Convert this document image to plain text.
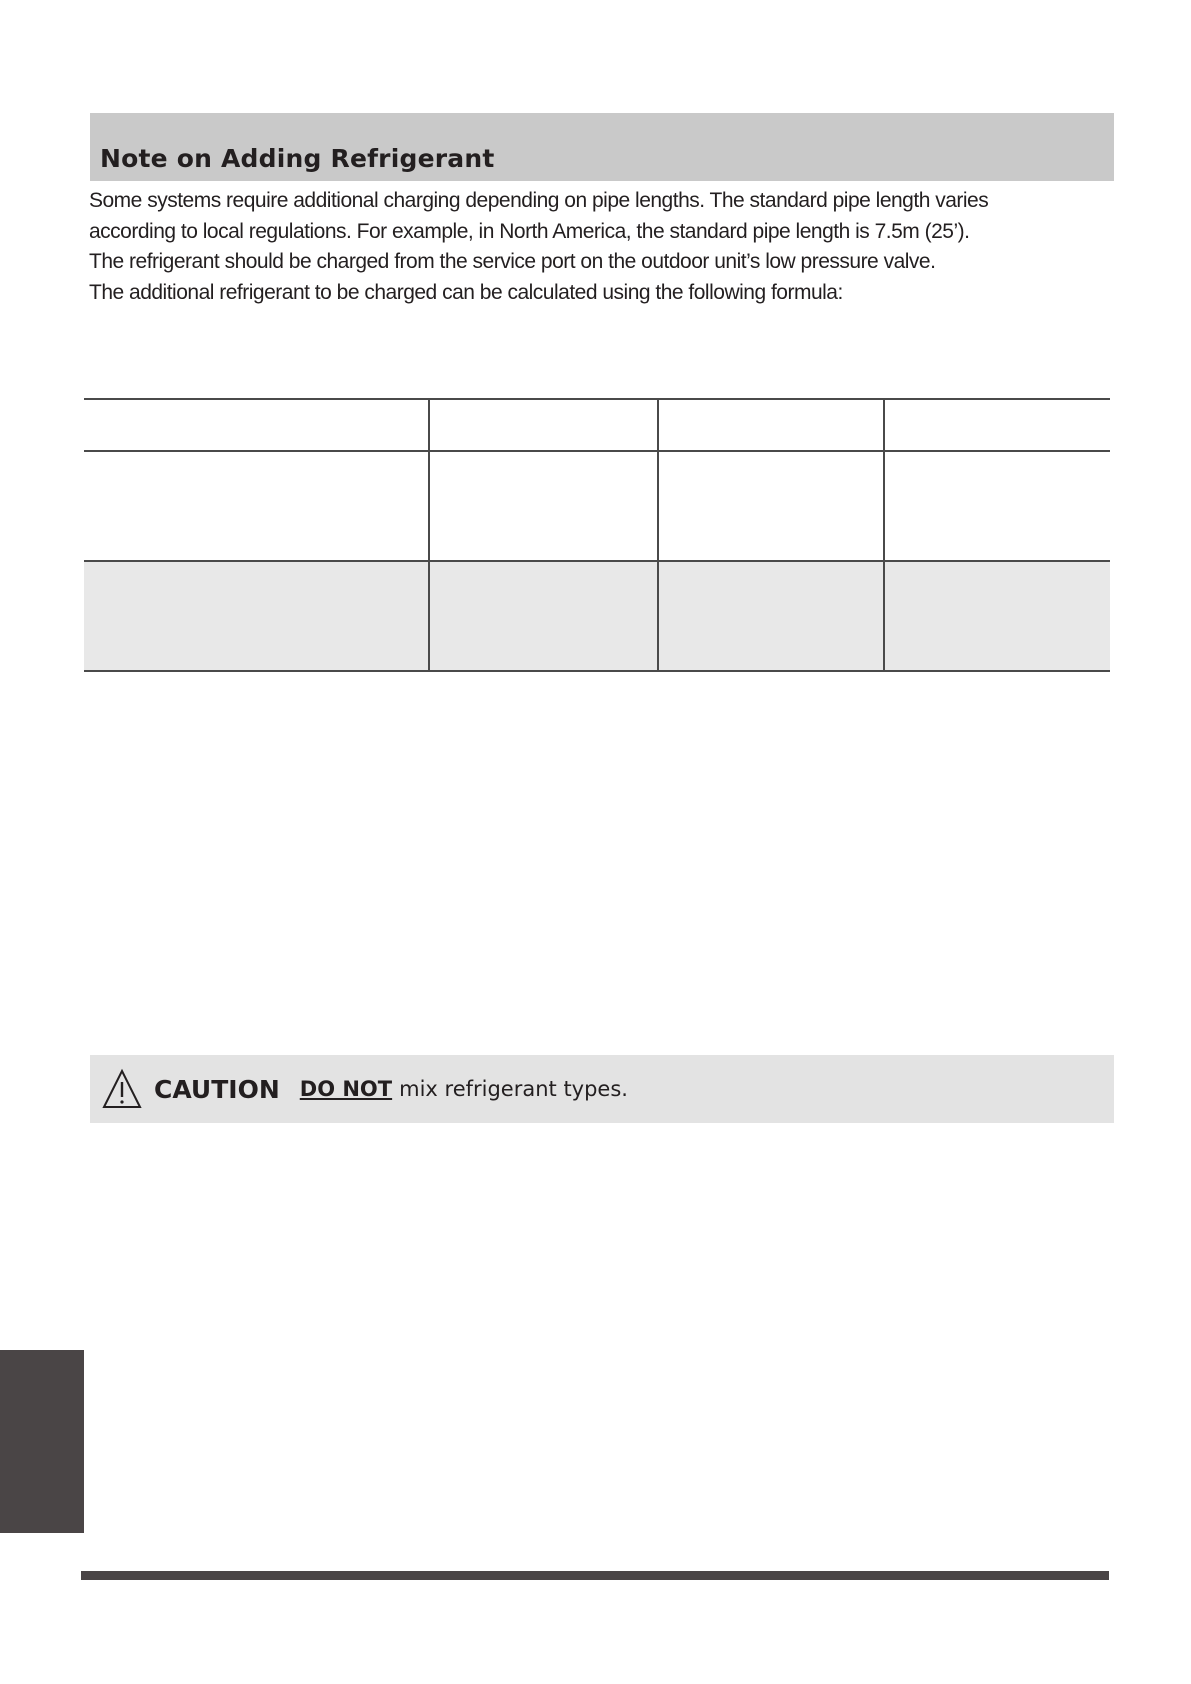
Note on Adding Refrigerant

Some systems require additional charging depending on pipe lengths. The standard pipe length varies

according to local regulations. For example, in North America, the standard pipe length is 7.5m (25’).

The refrigerant should be charged from the service port on the outdoor unit’s low pressure valve.

The additional refrigerant to be charged can be calculated using the following formula:

CAUTION DO NOT mix refrigerant types.
